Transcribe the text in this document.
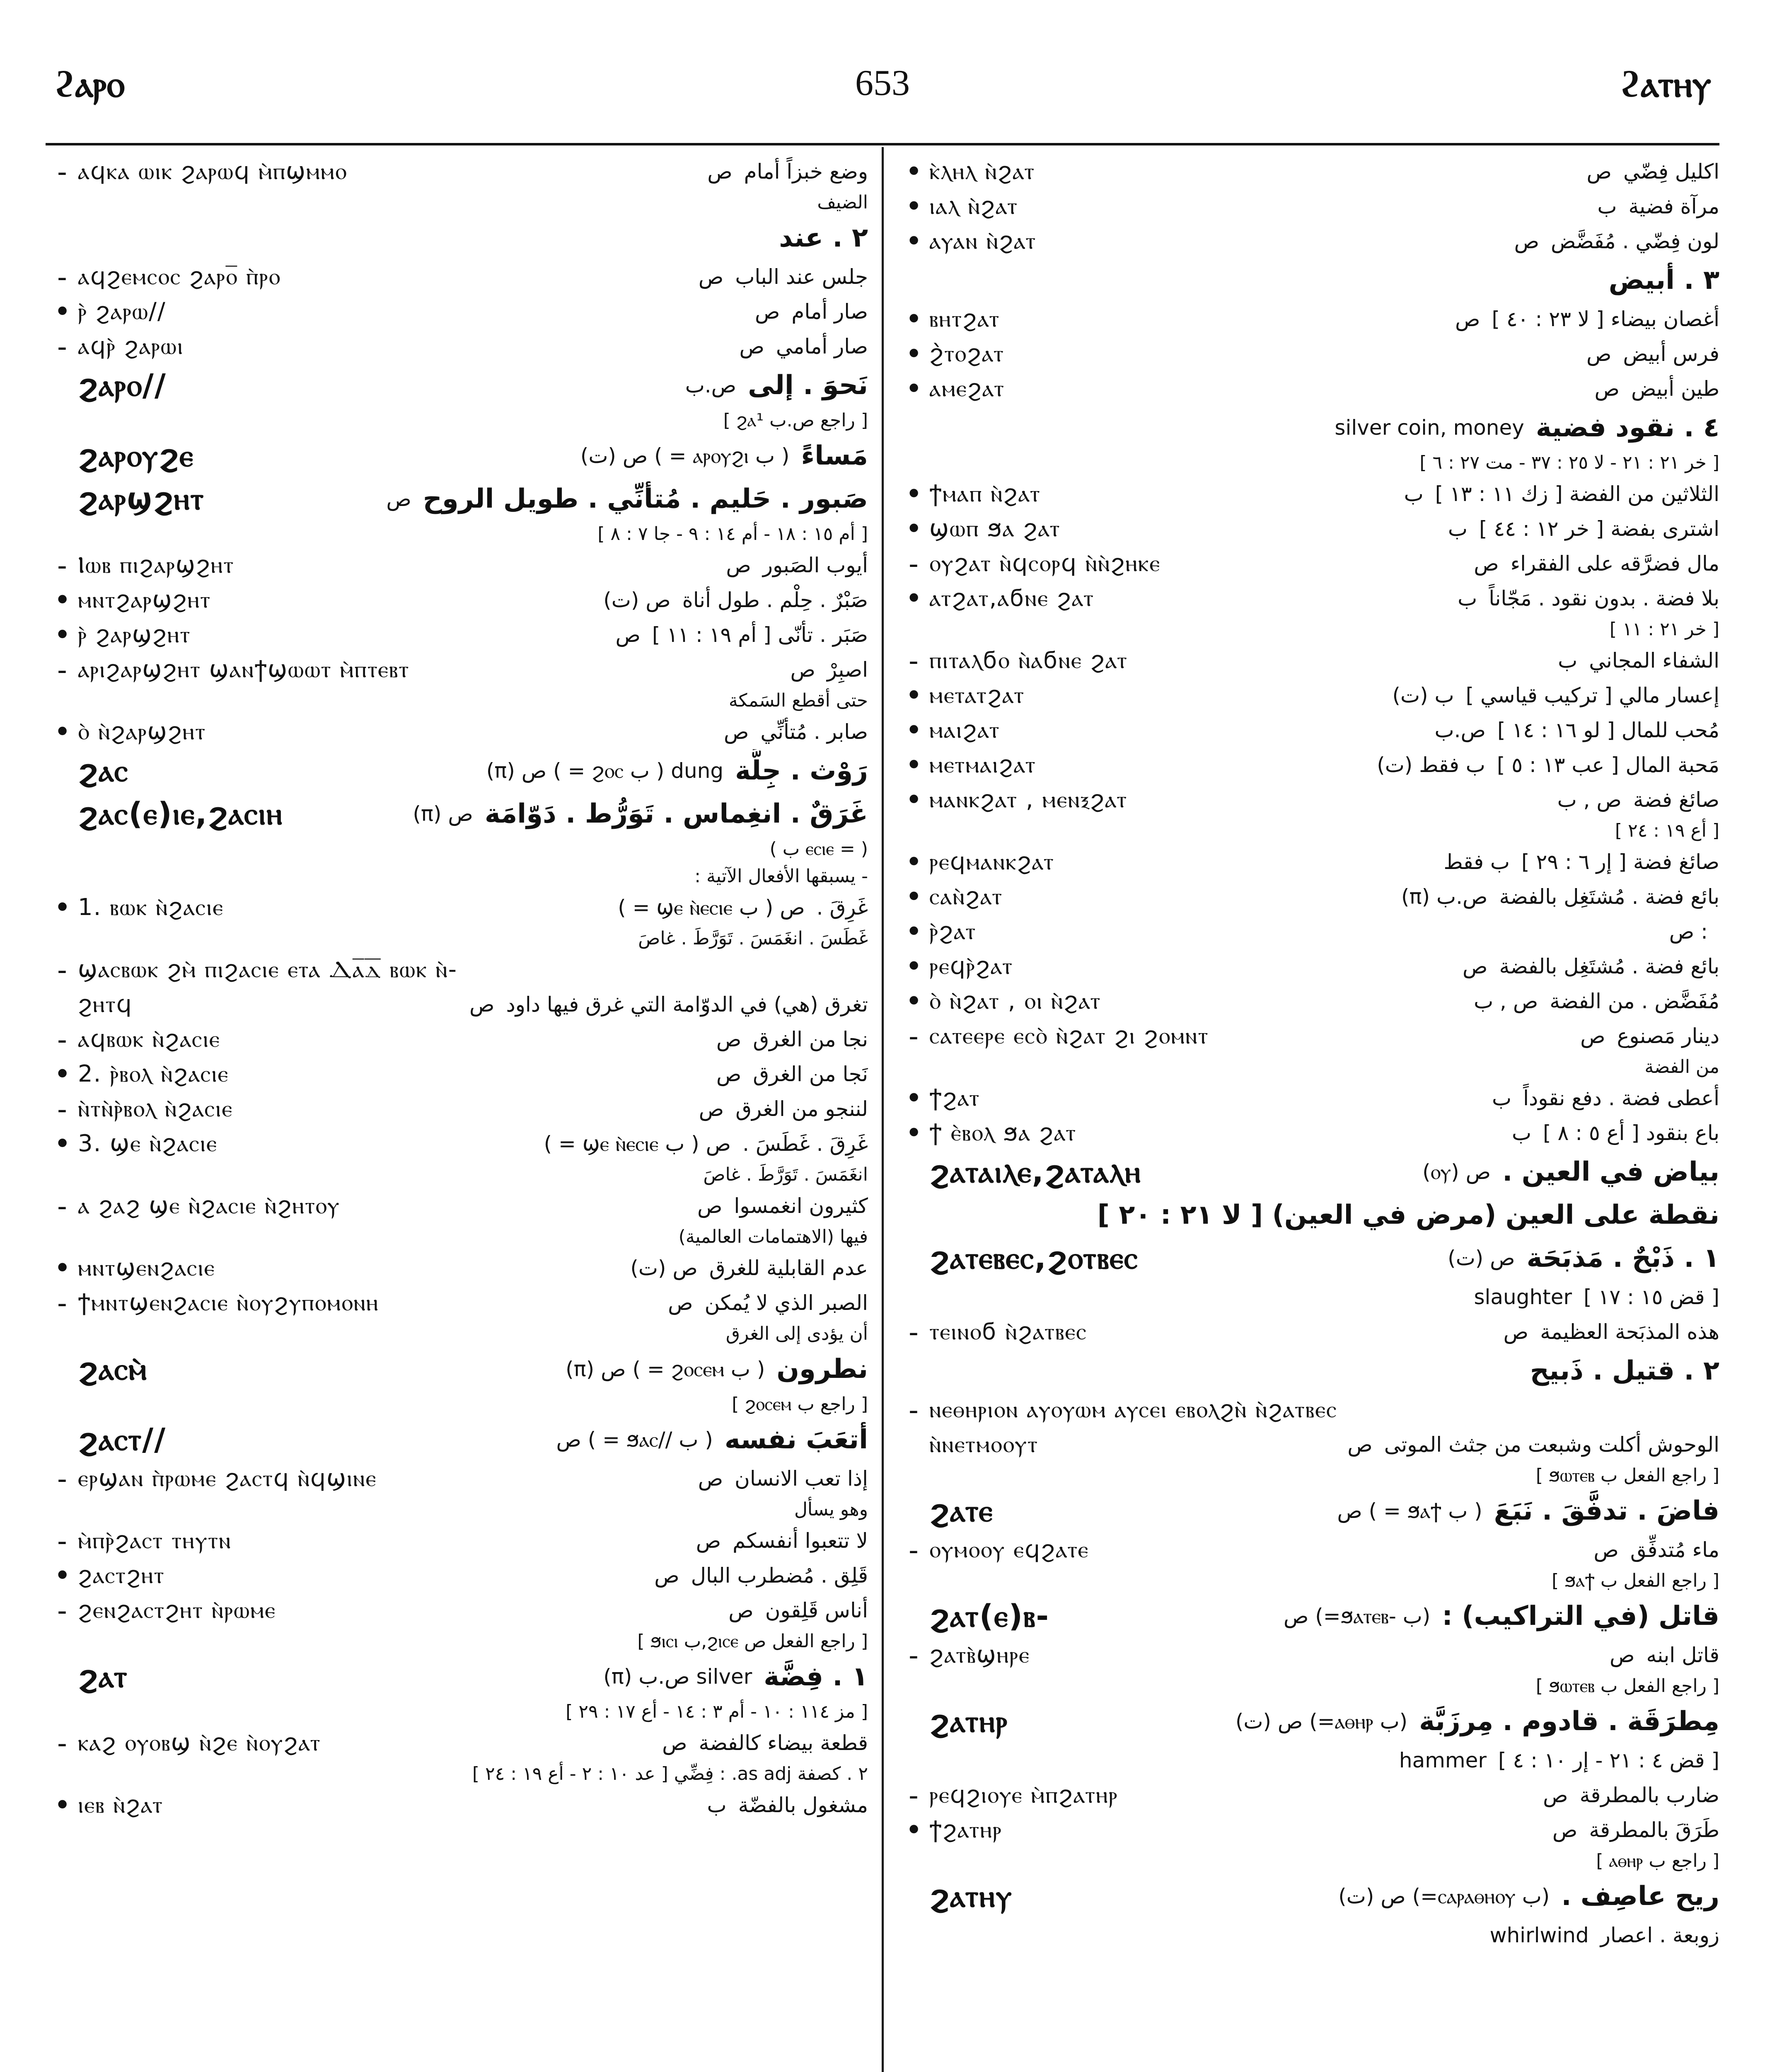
ϩⲁⲣⲟ	653	ϩⲁⲧⲏⲩ
وضع خبزاً أمام
ص
ⲁϥⲕⲁ ⲱⲓⲕ ϩⲁⲣⲱϥ ⲙ̀ⲡϣⲙⲙⲟ
-
الضيف
٢ . عند
جلس عند الباب
ص
ⲁϥϩⲉⲙⲥⲟⲥ ϩⲁⲣⲟ̅ ⲡ̀ⲣⲟ
-
صار أمام
ص
ⲣ̀ ϩⲁⲣⲱ//
•
صار أمامي
ص
ⲁϥⲣ̀ ϩⲁⲣⲱⲓ
-
نَحوَ . إلى
ص.ب
ϩⲁⲣⲟ//
[ راجع ص.ب ϩⲁ¹ ]
مَساءً
(ت) ص ( = ⲁⲣⲟⲩϩⲓ ب )
ϩⲁⲣⲟⲩϩⲉ
صَبور . حَليم . مُتأنِّي . طويل الروح
ص
ϩⲁⲣϣϩⲏⲧ
[ أم ١٥ : ١٨ - أم ١٤ : ٩ - جا ٧ : ٨ ]
أيوب الصَبور
ص
Ⲓⲱⲃ ⲡⲓϩⲁⲣϣϩⲏⲧ
-
صَبْرٌ . حِلْم . طول أناة
(ت) ص
ⲙⲛⲧϩⲁⲣϣϩⲏⲧ
•
صَبَر . تأنّى [ أم ١٩ : ١١ ]
ص
ⲣ̀ ϩⲁⲣϣϩⲏⲧ
•
اصبِرْ
ص
ⲁⲣⲓϩⲁⲣϣϩⲏⲧ ϣⲁⲛϯϣⲱⲱⲧ ⲙ̀ⲡⲧⲉⲃⲧ
-
حتى أقطع السَمكة
صابر . مُتأنِّي
ص
ⲟ̀ ⲛ̀ϩⲁⲣϣϩⲏⲧ
•
رَوْث . جِلَّة
(π) ص ( = ϩⲟⲥ ب ) dung
ϩⲁⲥ
غَرَقٌ . انغِماس . تَوَرُّط . دَوّامَة
(π) ص
ϩⲁⲥ(ⲉ)ⲓⲉ,ϩⲁⲥⲓⲏ
( = ⲉⲥⲓⲉ ب )
- يسبقها الأفعال الآتية :
غَرِقَ .
( = ϣⲉ ⲛ̀ⲉⲥⲓⲉ ب ) ص
1. ⲃⲱⲕ ⲛ̀ϩⲁⲥⲓⲉ
•
غَطَسَ . انغَمَسَ . تَوَرَّطَ . غاصَ
ϣⲁⲥⲃⲱⲕ ϩⲙ̀ ⲡⲓϩⲁⲥⲓⲉ ⲉⲧⲁ Ⲇⲁ̅ⲇ̅ ⲃⲱⲕ ⲛ̀-
-
تغرق (هي) في الدوّامة التي غرق فيها داود
ص
ϩⲏⲧϥ
نجا من الغرق
ص
ⲁϥⲃⲱⲕ ⲛ̀ϩⲁⲥⲓⲉ
-
نَجا من الغرق
ص
2. ⲣ̀ⲃⲟⲗ ⲛ̀ϩⲁⲥⲓⲉ
•
لننجو من الغرق
ص
ⲛ̀ⲧⲛ̀ⲣ̀ⲃⲟⲗ ⲛ̀ϩⲁⲥⲓⲉ
-
غَرِقَ . غَطَسَ .
( = ϣⲉ ⲛ̀ⲉⲥⲓⲉ ب ) ص
3. ϣⲉ ⲛ̀ϩⲁⲥⲓⲉ
•
انغَمَسَ . تَوَرَّطَ . غاصَ
كثيرون انغمسوا
ص
ⲁ ϩⲁϩ ϣⲉ ⲛ̀ϩⲁⲥⲓⲉ ⲛ̀ϩⲏⲧⲟⲩ
-
فيها (الاهتمامات العالمية)
عدم القابلية للغرق
(ت) ص
ⲙⲛⲧϣⲉⲛϩⲁⲥⲓⲉ
•
الصبر الذي لا يُمكن
ص
ϯⲙⲛⲧϣⲉⲛϩⲁⲥⲓⲉ ⲛ̀ⲟⲩϩⲩⲡⲟⲙⲟⲛⲏ
-
أن يؤدى إلى الغرق
نطرون
(π) ص ( = ϩⲟⲥⲉⲙ ب )
ϩⲁⲥⲙ̀
[ راجع ب ϩⲟⲥⲉⲙ ]
أتعَبَ نفسه
ص ( = ϧⲁⲥ// ب )
ϩⲁⲥⲧ//
إذا تعب الانسان
ص
ⲉⲣϣⲁⲛ ⲡ̀ⲣⲱⲙⲉ ϩⲁⲥⲧϥ ⲛ̀ϥϣⲓⲛⲉ
-
وهو يسأل
لا تتعبوا أنفسكم
ص
ⲙ̀ⲡⲣ̀ϩⲁⲥⲧ ⲧⲏⲩⲧⲛ
-
قَلِق . مُضطرب البال
ص
ϩⲁⲥⲧϩⲏⲧ
•
أناس قَلِقون
ص
ϩⲉⲛϩⲁⲥⲧϩⲏⲧ ⲛ̀ⲣⲱⲙⲉ
-
[ راجع الفعل ص ϩⲓⲥⲉ,ب ϧⲓⲥⲓ ]
١ . فِضَّة
(π) ص.ب silver
ϩⲁⲧ
[ مز ١١٤ : ١٠ - أم ٣ : ١٤ - أع ١٧ : ٢٩ ]
قطعة بيضاء كالفضة
ص
ⲕⲁϩ ⲟⲩⲟⲃϣ ⲛ̀ϩⲉ ⲛ̀ⲟⲩϩⲁⲧ
-
٢ . كصفة as adj. : فِضِّي [ عد ١٠ : ٢ - أع ١٩ : ٢٤ ]
مشغول بالفضّة
ب
ⲓⲉⲃ ⲛ̀ϩⲁⲧ
•
اكليل فِضّي
ص
ⲕ̀ⲗⲏⲗ ⲛ̀ϩⲁⲧ
•
مرآة فضية
ب
ⲓⲁⲗ ⲛ̀ϩⲁⲧ
•
لون فِضّي . مُفَضَّض
ص
ⲁⲩⲁⲛ ⲛ̀ϩⲁⲧ
•
٣ . أبيض
أغصان بيضاء [ لا ٢٣ : ٤٠ ]
ص
ⲃⲏⲧϩⲁⲧ
•
فرس أبيض
ص
ϩ̀ⲧⲟϩⲁⲧ
•
طين أبيض
ص
ⲁⲙⲉϩⲁⲧ
•
٤ . نقود فضية
silver coin, money
[ خر ٢١ : ٢١ - لا ٢٥ : ٣٧ - مت ٢٧ : ٦ ]
الثلاثين من الفضة [ زك ١١ : ١٣ ]
ب
ϯⲙⲁⲡ ⲛ̀ϩⲁⲧ
•
اشترى بفضة [ خر ١٢ : ٤٤ ]
ب
ϣⲱⲡ ϧⲁ ϩⲁⲧ
•
مال فضرَّقه على الفقراء
ص
ⲟⲩϩⲁⲧ ⲛ̀ϥⲥⲟⲣϥ ⲛ̀ⲛ̀ϩⲏⲕⲉ
-
بلا فضة . بدون نقود . مَجّاناً
ب
ⲁⲧϩⲁⲧ,ⲁϭⲛⲉ ϩⲁⲧ
•
[ خر ٢١ : ١١ ]
الشفاء المجاني
ب
ⲡⲓⲧⲁⲗϭⲟ ⲛ̀ⲁϭⲛⲉ ϩⲁⲧ
-
إعسار مالي [ تركيب قياسي ]
(ت) ب
ⲙⲉⲧⲁⲧϩⲁⲧ
•
مُحب للمال [ لو ١٦ : ١٤ ]
ص.ب
ⲙⲁⲓϩⲁⲧ
•
مَحبة المال [ عب ١٣ : ٥ ]
(ت) ب فقط
ⲙⲉⲧⲙⲁⲓϩⲁⲧ
•
صائغ فضة
ص , ب
ⲙⲁⲛⲕϩⲁⲧ , ⲙⲉⲛⲝϩⲁⲧ
•
[ أع ١٩ : ٢٤ ]
صائغ فضة [ إر ٦ : ٢٩ ]
ب فقط
ⲣⲉϥⲙⲁⲛⲕϩⲁⲧ
•
بائع فضة . مُشتَغِل بالفضة
(π) ص.ب
ⲥⲁⲛ̀ϩⲁⲧ
•
ص :
ⲣ̀ϩⲁⲧ
•
بائع فضة . مُشتَغِل بالفضة
ص
ⲣⲉϥⲣ̀ϩⲁⲧ
•
مُفَضَّض . من الفضة
ص , ب
ⲟ̀ ⲛ̀ϩⲁⲧ , ⲟⲓ ⲛ̀ϩⲁⲧ
•
دينار مَصنوع
ص
ⲥⲁⲧⲉⲉⲣⲉ ⲉⲥⲟ̀ ⲛ̀ϩⲁⲧ ϩⲓ ϩⲟⲙⲛⲧ
-
من الفضة
أعطى فضة . دفع نقوداً
ب
ϯϩⲁⲧ
•
باع بنقود [ أع ٥ : ٨ ]
ب
ϯ ⲉ̀ⲃⲟⲗ ϧⲁ ϩⲁⲧ
•
بياض في العين .
(ⲟⲩ) ص
ϩⲁⲧⲁⲓⲗⲉ,ϩⲁⲧⲁⲗⲏ
نقطة على العين (مرض في العين) [ لا ٢١ : ٢٠ ]
١ . ذَبْحٌ . مَذبَحَة
(ت) ص
ϩⲁⲧⲉⲃⲉⲥ,ϩⲟⲧⲃⲉⲥ
[ قض ١٥ : ١٧ ]
slaughter
هذه المذبَحة العظيمة
ص
ⲧⲉⲓⲛⲟϭ ⲛ̀ϩⲁⲧⲃⲉⲥ
-
٢ . قتيل . ذَبيح
ⲛⲉⲑⲏⲣⲓⲟⲛ ⲁⲩⲟⲩⲱⲙ ⲁⲩⲥⲉⲓ ⲉⲃⲟⲗϩⲛ̀ ⲛ̀ϩⲁⲧⲃⲉⲥ
-
الوحوش أكلت وشبعت من جثث الموتى
ص
ⲛ̀ⲛⲉⲧⲙⲟⲟⲩⲧ
[ راجع الفعل ب ϧⲱⲧⲉⲃ ]
فاضَ . تدفَّقَ . نَبَعَ
ص ( = ϧⲁϯ ب )
ϩⲁⲧⲉ
ماء مُتدفِّق
ص
ⲟⲩⲙⲟⲟⲩ ⲉϥϩⲁⲧⲉ
-
[ راجع الفعل ب ϧⲁϯ ]
قاتل (في التراكيب) :
ص (=ϧⲁⲧⲉⲃ- ب)
ϩⲁⲧ(ⲉ)ⲃ-
قاتل ابنه
ص
ϩⲁⲧⲃ̀ϣⲏⲣⲉ
-
[ راجع الفعل ب ϧⲱⲧⲉⲃ ]
مِطرَقَة . قادوم . مِرزَبَّة
(ت) ص (=ⲁⲑⲏⲣ ب)
ϩⲁⲧⲏⲣ
[ قض ٤ : ٢١ - إر ١٠ : ٤ ]
hammer
ضارب بالمطرقة
ص
ⲣⲉϥϩⲓⲟⲩⲉ ⲙ̀ⲡϩⲁⲧⲏⲣ
-
طَرَقَ بالمطرقة
ص
ϯϩⲁⲧⲏⲣ
•
[ راجع ب ⲁⲑⲏⲣ ]
ريح عاصِف .
(ت) ص (=ⲥⲁⲣⲁⲑⲏⲟⲩ ب)
ϩⲁⲧⲏⲩ
زوبعة . اعصار
whirlwind
